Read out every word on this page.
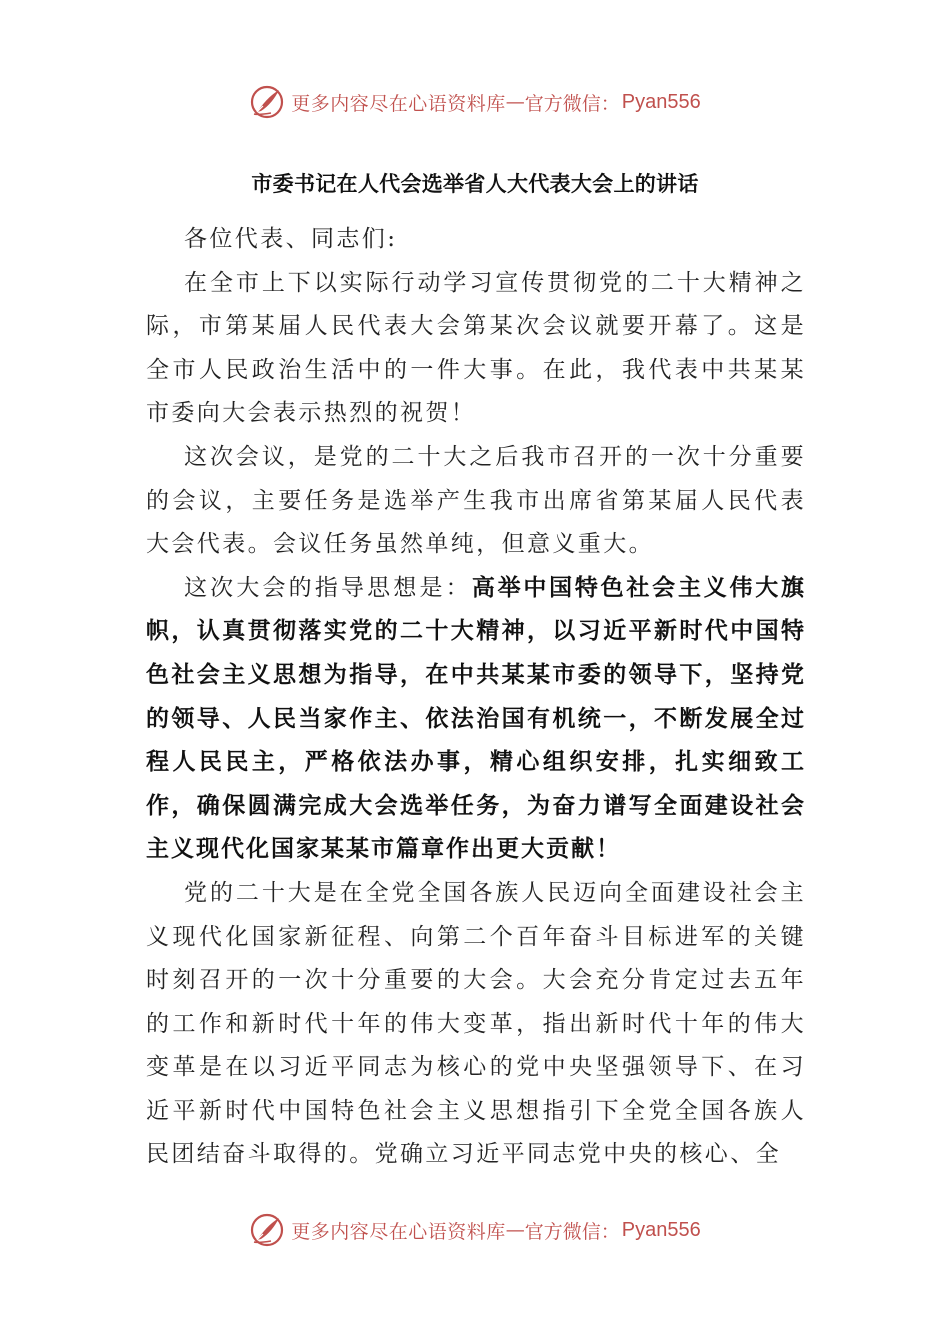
更多内容尽在心语资料库 — 官方微信： Pyan556
市委书记在人代会选举省人大代表大会上的讲话

各位代表、同志们:

在全市上下以实际行动学习宣传贯彻党的二十大精神之际，市第某届人民代表大会第某次会议就要开幕了。这是全市人民政治生活中的一件大事。在此，我代表中共某某市委向大会表示热烈的祝贺！

这次会议，是党的二十大之后我市召开的一次十分重要的会议，主要任务是选举产生我市出席省第某届人民代表大会代表。会议任务虽然单纯，但意义重大。

这次大会的指导思想是：高举中国特色社会主义伟大旗帜，认真贯彻落实党的二十大精神，以习近平新时代中国特色社会主义思想为指导，在中共某某市委的领导下，坚持党的领导、人民当家作主、依法治国有机统一，不断发展全过程人民民主，严格依法办事，精心组织安排，扎实细致工作，确保圆满完成大会选举任务，为奋力谱写全面建设社会主义现代化国家某某市篇章作出更大贡献！

党的二十大是在全党全国各族人民迈向全面建设社会主义现代化国家新征程、向第二个百年奋斗目标进军的关键时刻召开的一次十分重要的大会。大会充分肯定过去五年的工作和新时代十年的伟大变革，指出新时代十年的伟大变革是在以习近平同志为核心的党中央坚强领导下、在习近平新时代中国特色社会主义思想指引下全党全国各族人民团结奋斗取得的。党确立习近平同志党中央的核心、全

更多内容尽在心语资料库 — 官方微信： Pyan556
